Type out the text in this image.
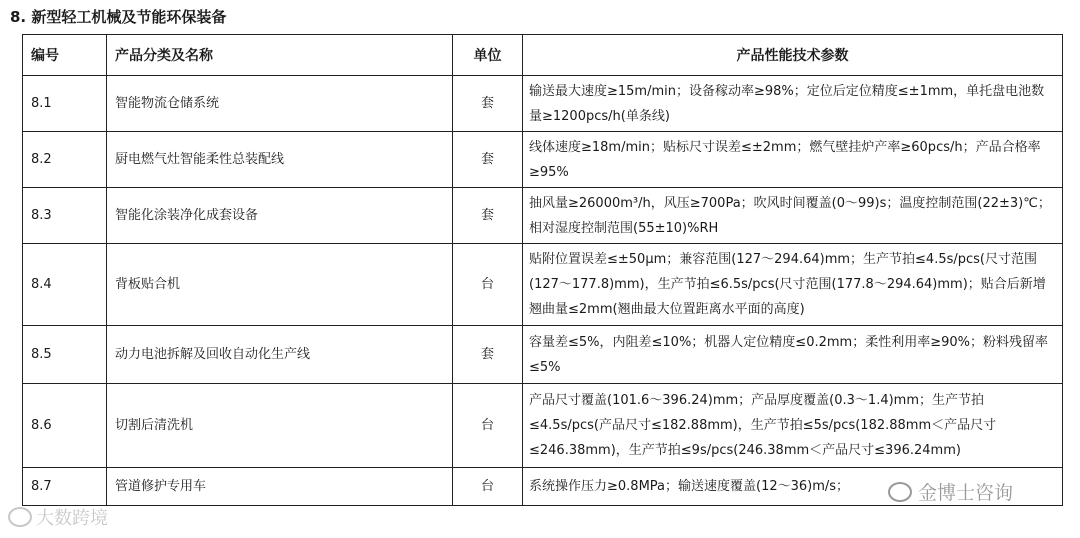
8. 新型轻工机械及节能环保装备
编号	产品分类及名称	单位	产品性能技术参数
8.1	智能物流仓储系统	套	输送最大速度≥15m/min；设备稼动率≥98%；定位后定位精度≤±1mm，单托盘电池数量≥1200pcs/h(单条线)
8.2	厨电燃气灶智能柔性总装配线	套	线体速度≥18m/min；贴标尺寸误差≤±2mm；燃气壁挂炉产率≥60pcs/h；产品合格率≥95%
8.3	智能化涂装净化成套设备	套	抽风量≥26000m³/h，风压≥700Pa；吹风时间覆盖(0～99)s；温度控制范围(22±3)℃；相对湿度控制范围(55±10)%RH
8.4	背板贴合机	台	贴附位置误差≤±50μm；兼容范围(127～294.64)mm；生产节拍≤4.5s/pcs(尺寸范围(127～177.8)mm)，生产节拍≤6.5s/pcs(尺寸范围(177.8～294.64)mm)；贴合后新增翘曲量≤2mm(翘曲最大位置距离水平面的高度)
8.5	动力电池拆解及回收自动化生产线	套	容量差≤5%，内阻差≤10%；机器人定位精度≤0.2mm；柔性利用率≥90%；粉料残留率≤5%
8.6	切割后清洗机	台	产品尺寸覆盖(101.6～396.24)mm；产品厚度覆盖(0.3～1.4)mm；生产节拍≤4.5s/pcs(产品尺寸≤182.88mm)，生产节拍≤5s/pcs(182.88mm＜产品尺寸≤246.38mm)，生产节拍≤9s/pcs(246.38mm＜产品尺寸≤396.24mm)
8.7	管道修护专用车	台	系统操作压力≥0.8MPa；输送速度覆盖(12～36)m/s；
大数跨境
金博士咨询
